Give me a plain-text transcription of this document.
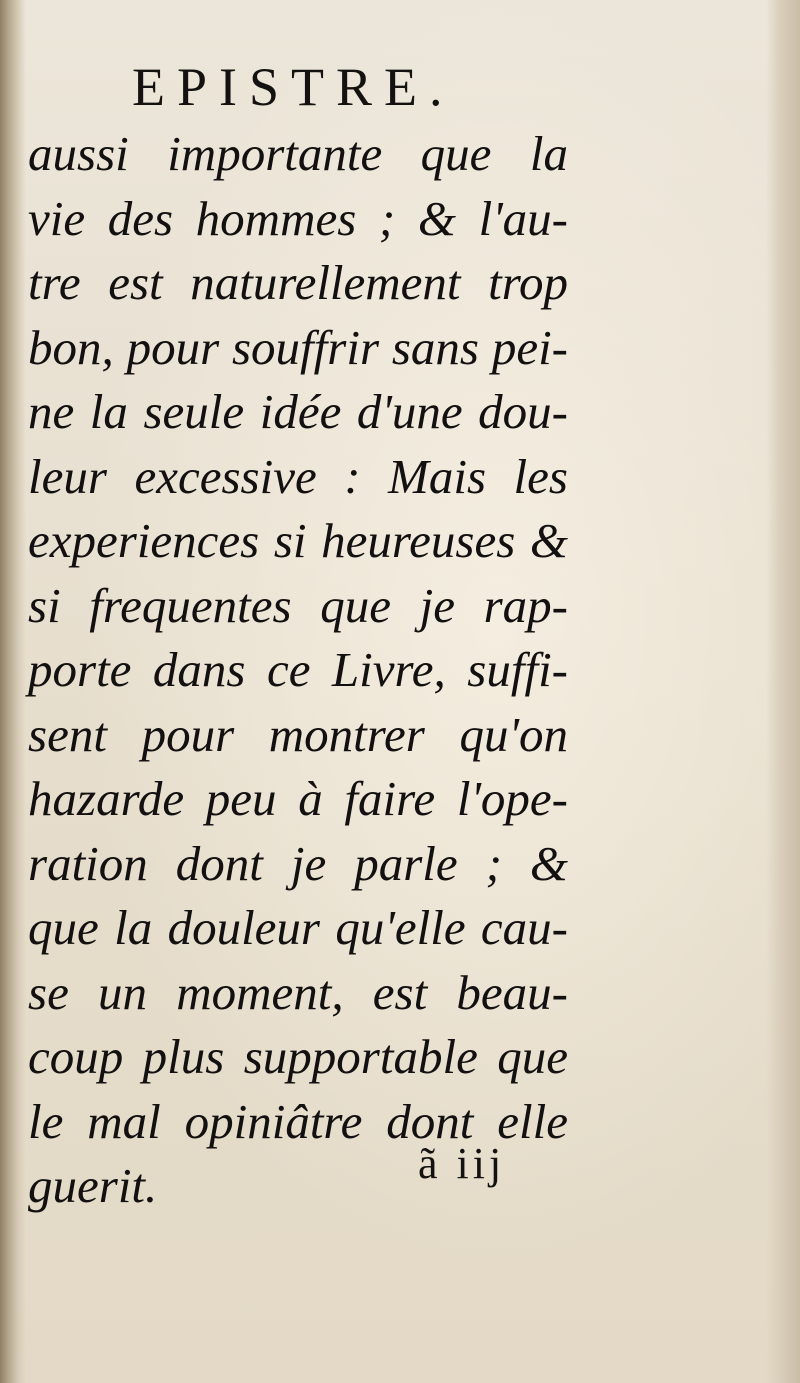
EPISTRE.
aussi importante que la
vie des hommes ; & l'au-
tre est naturellement trop
bon, pour souffrir sans pei-
ne la seule idée d'une dou-
leur excessive : Mais les
experiences si heureuses &
si frequentes que je rap-
porte dans ce Livre, suffi-
sent pour montrer qu'on
hazarde peu à faire l'ope-
ration dont je parle ; &
que la douleur qu'elle cau-
se un moment, est beau-
coup plus supportable que
le mal opiniâtre dont elle
guerit.	ã iij
